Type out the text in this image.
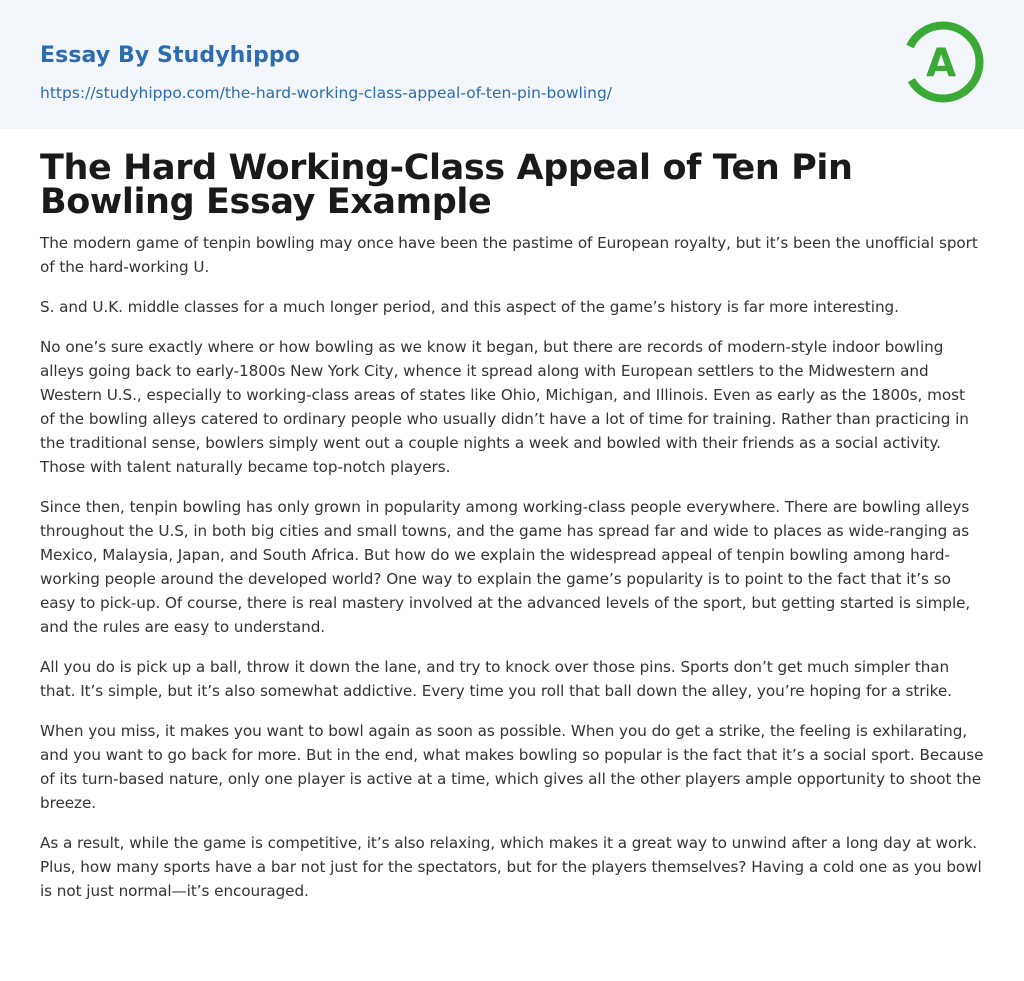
Essay By Studyhippo
https://studyhippo.com/the-hard-working-class-appeal-of-ten-pin-bowling/
A
The Hard Working-Class Appeal of Ten Pin Bowling Essay Example

The modern game of tenpin bowling may once have been the pastime of European royalty, but it’s been the unofficial sport of the hard-working U.

S. and U.K. middle classes for a much longer period, and this aspect of the game’s history is far more interesting.

No one’s sure exactly where or how bowling as we know it began, but there are records of modern-style indoor bowling alleys going back to early-1800s New York City, whence it spread along with European settlers to the Midwestern and Western U.S., especially to working-class areas of states like Ohio, Michigan, and Illinois. Even as early as the 1800s, most of the bowling alleys catered to ordinary people who usually didn’t have a lot of time for training. Rather than practicing in the traditional sense, bowlers simply went out a couple nights a week and bowled with their friends as a social activity. Those with talent naturally became top-notch players.

Since then, tenpin bowling has only grown in popularity among working-class people everywhere. There are bowling alleys throughout the U.S, in both big cities and small towns, and the game has spread far and wide to places as wide-ranging as Mexico, Malaysia, Japan, and South Africa. But how do we explain the widespread appeal of tenpin bowling among hard-working people around the developed world? One way to explain the game’s popularity is to point to the fact that it’s so easy to pick-up. Of course, there is real mastery involved at the advanced levels of the sport, but getting started is simple, and the rules are easy to understand.

All you do is pick up a ball, throw it down the lane, and try to knock over those pins. Sports don’t get much simpler than that. It’s simple, but it’s also somewhat addictive. Every time you roll that ball down the alley, you’re hoping for a strike.

When you miss, it makes you want to bowl again as soon as possible. When you do get a strike, the feeling is exhilarating, and you want to go back for more. But in the end, what makes bowling so popular is the fact that it’s a social sport. Because of its turn-based nature, only one player is active at a time, which gives all the other players ample opportunity to shoot the breeze.

As a result, while the game is competitive, it’s also relaxing, which makes it a great way to unwind after a long day at work. Plus, how many sports have a bar not just for the spectators, but for the players themselves? Having a cold one as you bowl is not just normal—it’s encouraged.
